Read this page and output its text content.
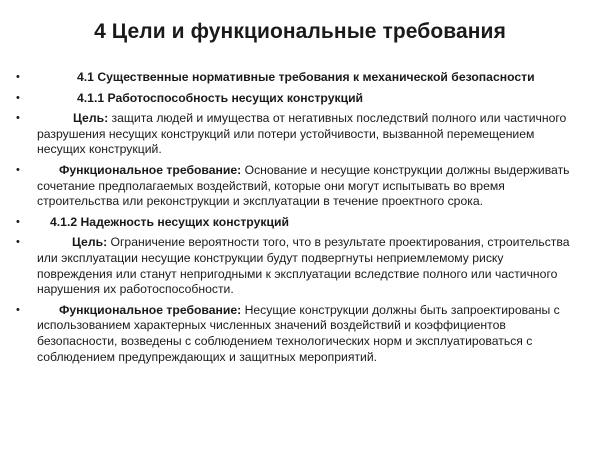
4 Цели и функциональные требования
•	4.1 Существенные нормативные требования к механической безопасности
•	4.1.1 Работоспособность несущих конструкций
•	Цель: защита людей и имущества от негативных последствий полного или частичного разрушения несущих конструкций или потери устойчивости, вызванной перемещением несущих конструкций.
•	Функциональное требование: Основание и несущие конструкции должны выдерживать сочетание предполагаемых воздействий, которые они могут испытывать во время строительства или реконструкции и эксплуатации в течение проектного срока.
• 4.1.2 Надежность несущих конструкций
•	Цель: Ограничение вероятности того, что в результате проектирования, строительства или эксплуатации несущие конструкции будут подвергнуты неприемлемому риску повреждения или станут непригодными к эксплуатации вследствие полного или частичного нарушения их работоспособности.
•	Функциональное требование: Несущие конструкции должны быть запроектированы с использованием характерных численных значений воздействий и коэффициентов безопасности, возведены с соблюдением технологических норм и эксплуатироваться с соблюдением предупреждающих и защитных мероприятий.
